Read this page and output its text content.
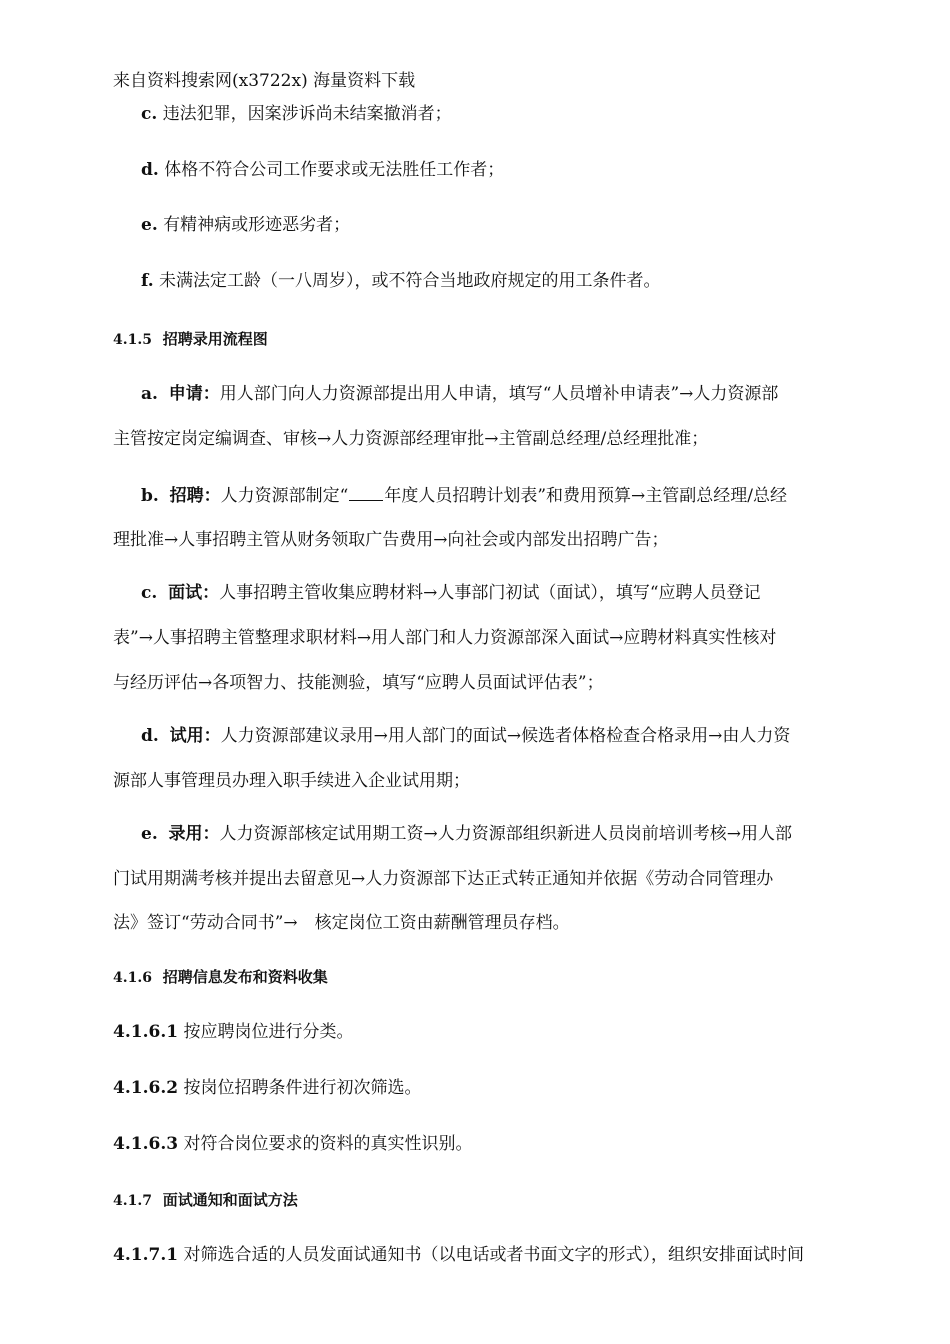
来自资料搜索网(x3722x) 海量资料下载
c. 违法犯罪，因案涉诉尚未结案撤消者；
d. 体格不符合公司工作要求或无法胜任工作者；
e. 有精神病或形迹恶劣者；
f. 未满法定工龄（一八周岁），或不符合当地政府规定的用工条件者。
4.1.5 招聘录用流程图
a. 申请：用人部门向人力资源部提出用人申请，填写“人员增补申请表”→人力资源部
主管按定岗定编调查、审核→人力资源部经理审批→主管副总经理/总经理批准；
b. 招聘：人力资源部制定“ 年度人员招聘计划表”和费用预算→主管副总经理/总经
理批准→人事招聘主管从财务领取广告费用→向社会或内部发出招聘广告；
c. 面试：人事招聘主管收集应聘材料→人事部门初试（面试），填写“应聘人员登记
表”→人事招聘主管整理求职材料→用人部门和人力资源部深入面试→应聘材料真实性核对
与经历评估→各项智力、技能测验，填写“应聘人员面试评估表”；
d. 试用：人力资源部建议录用→用人部门的面试→候选者体格检查合格录用→由人力资
源部人事管理员办理入职手续进入企业试用期；
e. 录用：人力资源部核定试用期工资→人力资源部组织新进人员岗前培训考核→用人部
门试用期满考核并提出去留意见→人力资源部下达正式转正通知并依据《劳动合同管理办
法》签订“劳动合同书”→　核定岗位工资由薪酬管理员存档。
4.1.6 招聘信息发布和资料收集
4.1.6.1 按应聘岗位进行分类。
4.1.6.2 按岗位招聘条件进行初次筛选。
4.1.6.3 对符合岗位要求的资料的真实性识别。
4.1.7 面试通知和面试方法
4.1.7.1 对筛选合适的人员发面试通知书（以电话或者书面文字的形式），组织安排面试时间
